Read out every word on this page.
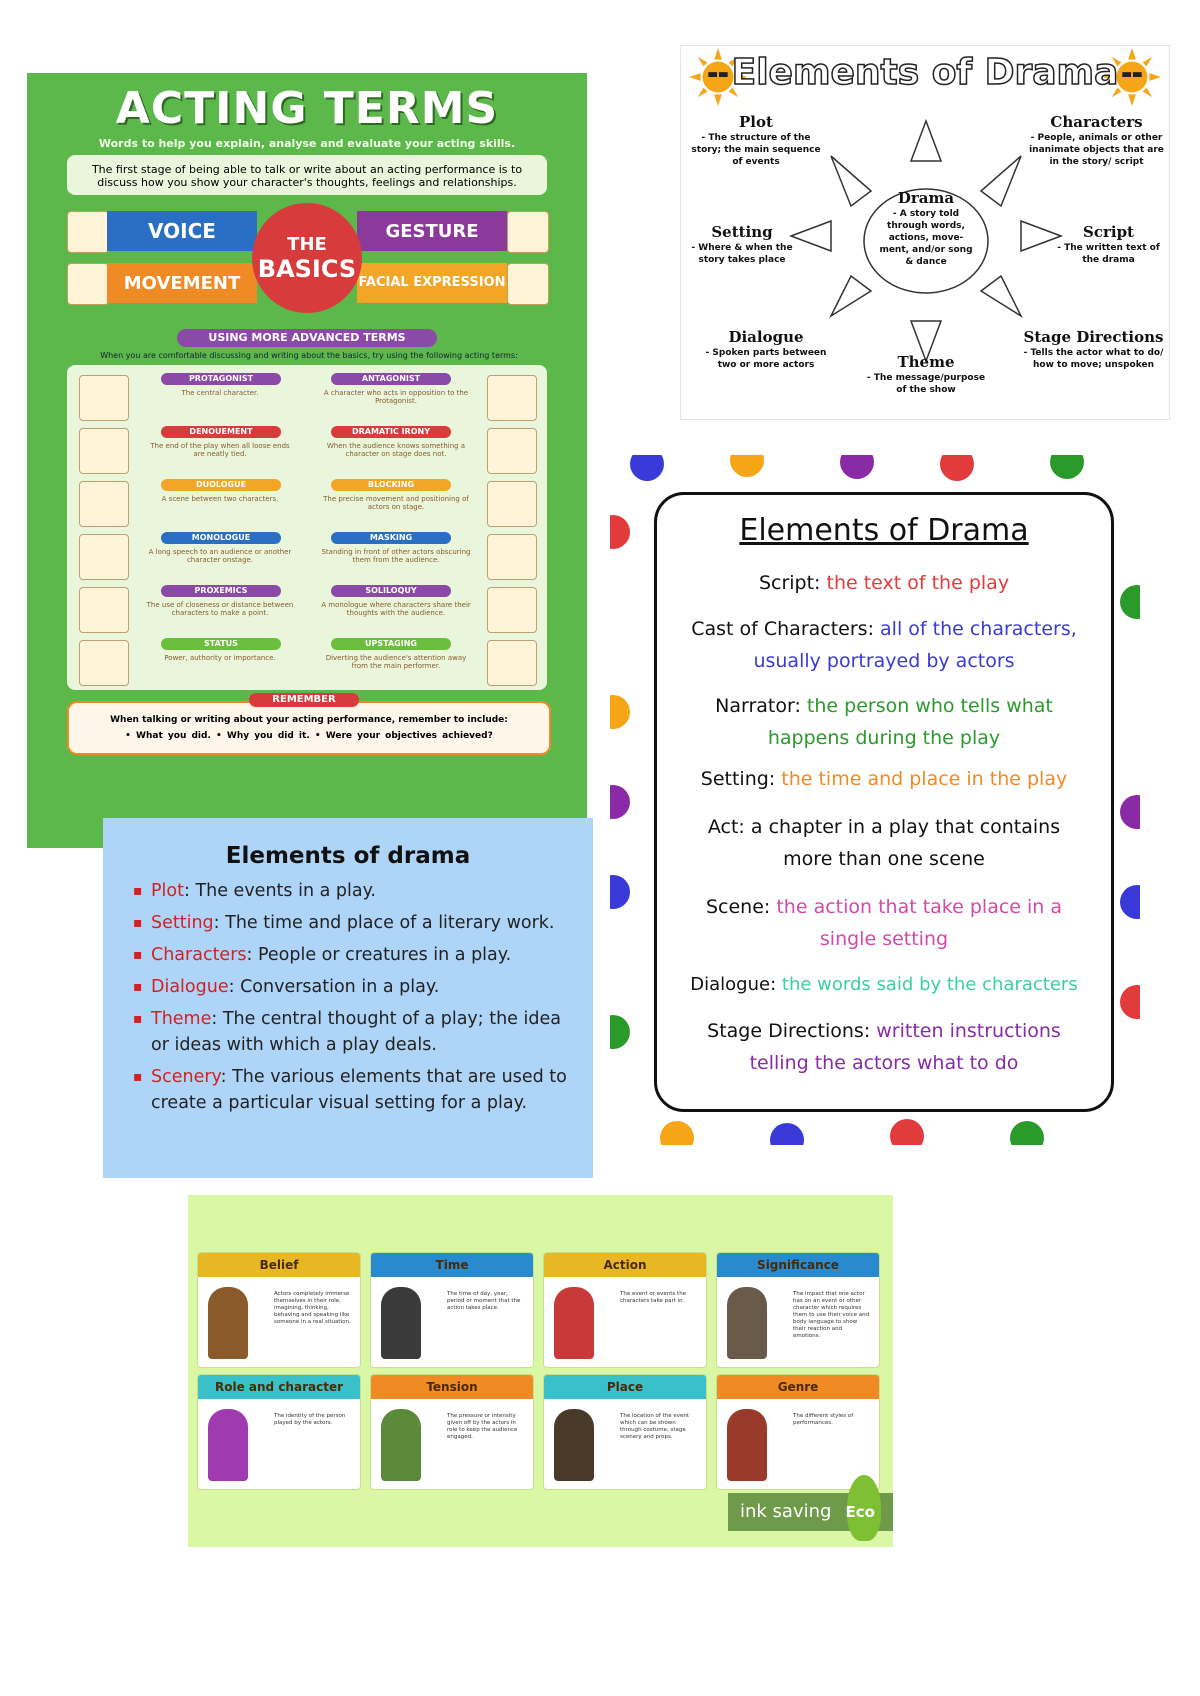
ACTING TERMS
Words to help you explain, analyse and evaluate your acting skills.
The first stage of being able to talk or write about an acting performance is to discuss how you show your character's thoughts, feelings and relationships.
VOICE	GESTURE
MOVEMENT	FACIAL EXPRESSION
THE
BASICS
USING MORE ADVANCED TERMS
When you are comfortable discussing and writing about the basics, try using the following acting terms:
PROTAGONIST
The central character.
DENOUEMENT
The end of the play when all loose ends are neatly tied.
DUOLOGUE
A scene between two characters.
MONOLOGUE
A long speech to an audience or another character onstage.
PROXEMICS
The use of closeness or distance between characters to make a point.
STATUS
Power, authority or importance.
ANTAGONIST
A character who acts in opposition to the Protagonist.
DRAMATIC IRONY
When the audience knows something a character on stage does not.
BLOCKING
The precise movement and positioning of actors on stage.
MASKING
Standing in front of other actors obscuring them from the audience.
SOLILOQUY
A monologue where characters share their thoughts with the audience.
UPSTAGING
Diverting the audience's attention away from the main performer.
REMEMBER
When talking or writing about your acting performance, remember to include:
• What you did. • Why you did it. • Were your objectives achieved?
Elements of Drama
Drama
- A story told through words, actions, move-ment, and/or song & dance
Plot
- The structure of the story; the main sequence of events
Characters
- People, animals or other inanimate objects that are in the story/ script
Setting
- Where & when the story takes place
Script
- The written text of the drama
Dialogue
- Spoken parts between two or more actors	Theme
- The message/purpose of the show
Stage Directions
- Tells the actor what to do/ how to move; unspoken
Elements of Drama
Script: the text of the play
Cast of Characters: all of the characters, usually portrayed by actors
Narrator: the person who tells what happens during the play
Setting: the time and place in the play
Act: a chapter in a play that contains more than one scene
Scene: the action that take place in a single setting
Dialogue: the words said by the characters
Stage Directions: written instructions telling the actors what to do
Elements of drama
▪ Plot: The events in a play.
▪ Setting: The time and place of a literary work.
▪ Characters: People or creatures in a play.
▪ Dialogue: Conversation in a play.
▪ Theme: The central thought of a play; the idea or ideas with which a play deals.
▪ Scenery: The various elements that are used to create a particular visual setting for a play.
Belief
Actors completely immerse themselves in their role, imagining, thinking, behaving and speaking like someone in a real situation.
Time
The time of day, year, period or moment that the action takes place.
Action
The event or events the characters take part in.
Significance
The impact that one actor has on an event or other character which requires them to use their voice and body language to show their reaction and emotions.
Role and character
The identity of the person played by the actors.
Tension
The pressure or intensity given off by the actors in role to keep the audience engaged.
Place
The location of the event which can be shown through costume, stage scenery and props.
Genre
The different styles of performances.
ink saving Eco
